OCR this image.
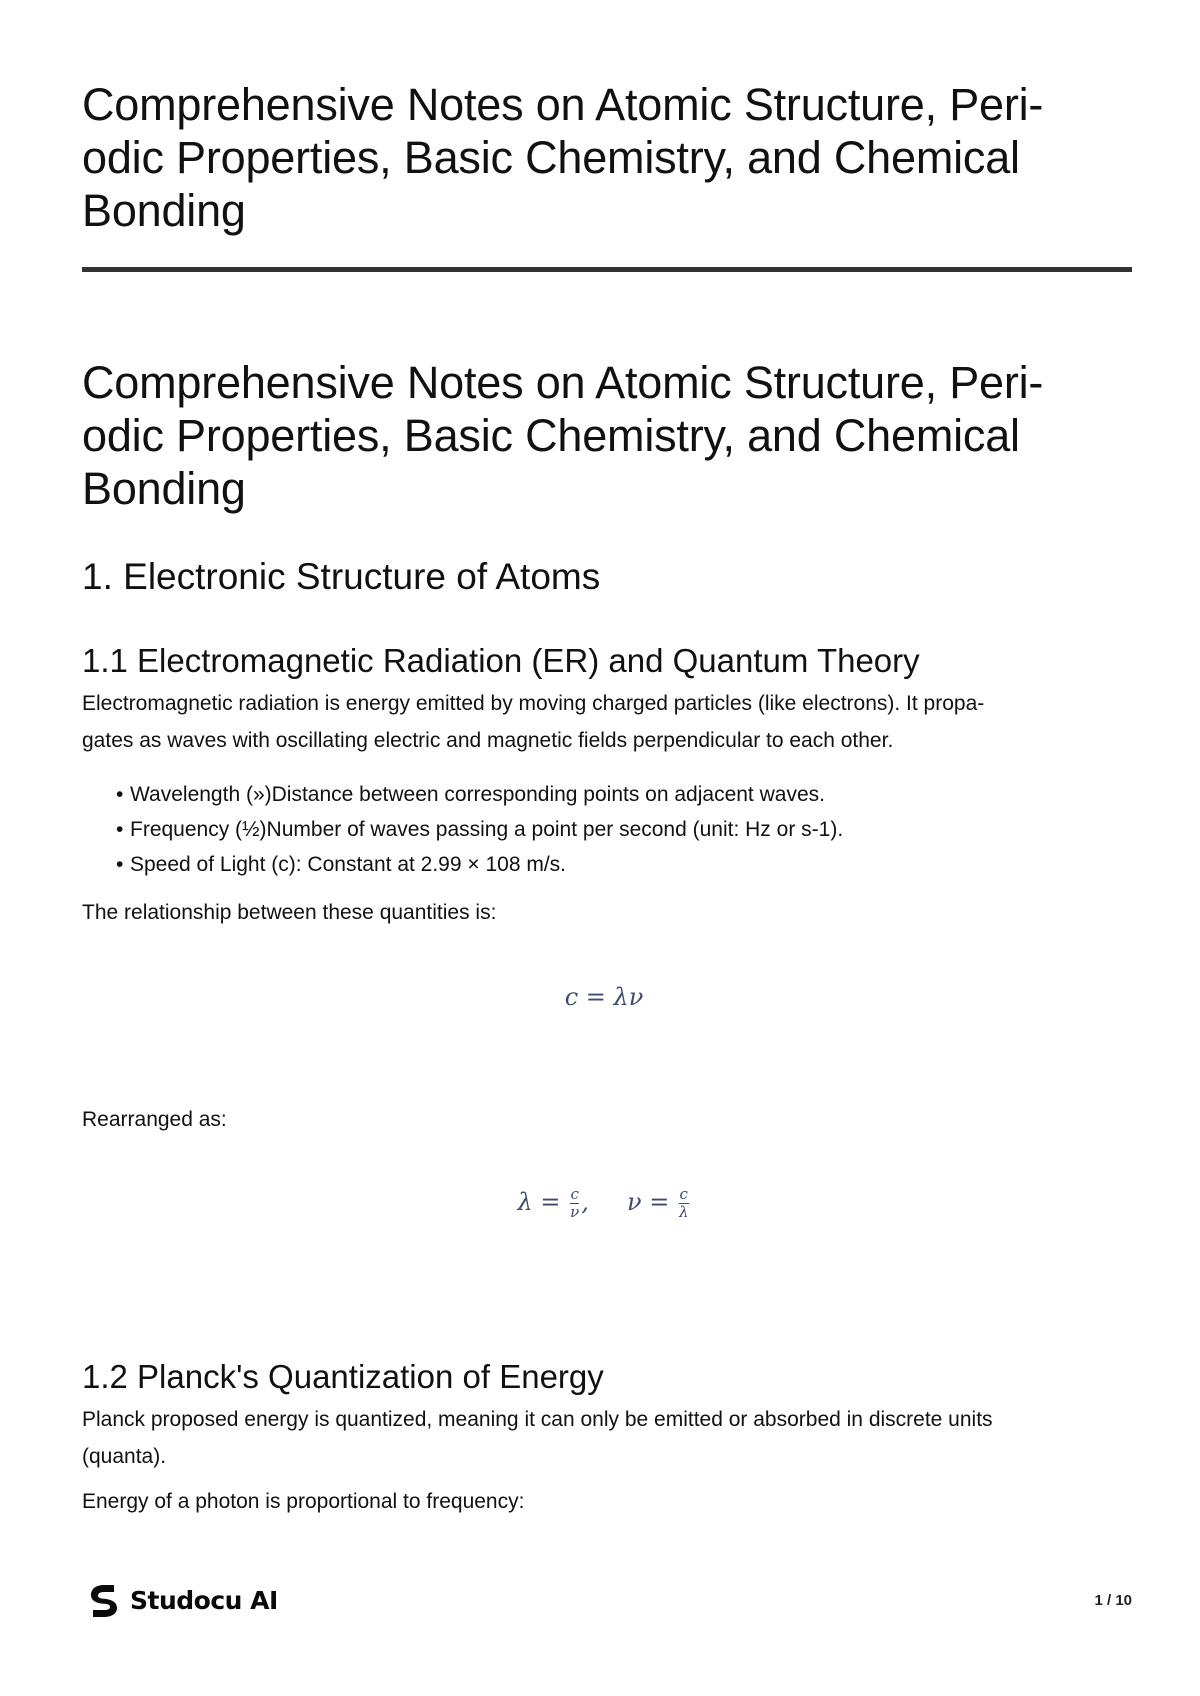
Comprehensive Notes on Atomic Structure, Peri-
odic Properties, Basic Chemistry, and Chemical
Bonding
Comprehensive Notes on Atomic Structure, Peri-
odic Properties, Basic Chemistry, and Chemical
Bonding
1. Electronic Structure of Atoms
1.1 Electromagnetic Radiation (ER) and Quantum Theory

Electromagnetic radiation is energy emitted by moving charged particles (like electrons). It propa-
gates as waves with oscillating electric and magnetic fields perpendicular to each other.

• Wavelength (»)Distance between corresponding points on adjacent waves.
• Frequency (½)Number of waves passing a point per second (unit: Hz or s-1).
• Speed of Light (c): Constant at 2.99 × 108 m/s.

The relationship between these quantities is:

c = λν

Rearranged as:

$\lambda = \frac{c}{\nu}$ , $\nu = \frac{c}{\lambda}$
1.2 Planck's Quantization of Energy

Planck proposed energy is quantized, meaning it can only be emitted or absorbed in discrete units
(quanta).

Energy of a photon is proportional to frequency:

Studocu AI	1 / 10
